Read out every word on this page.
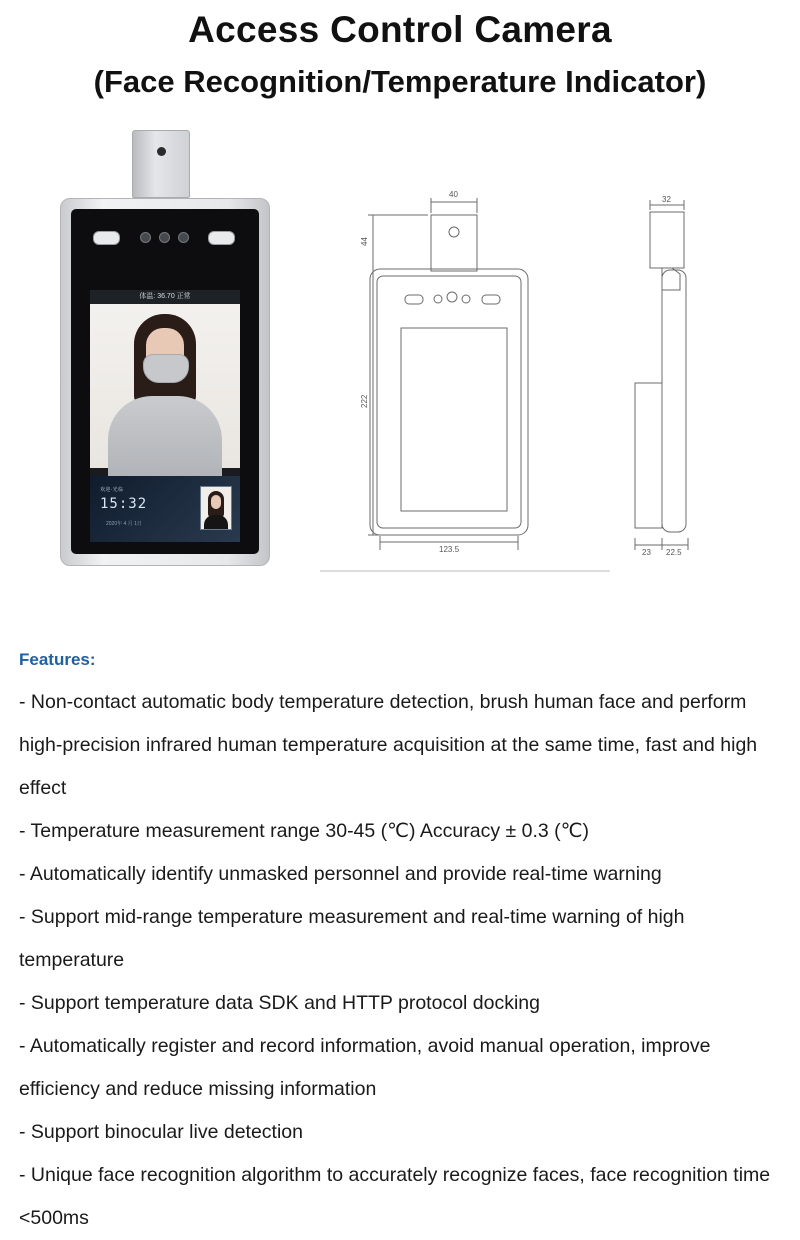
Access Control Camera
(Face Recognition/Temperature Indicator)
体温: 36.70 正常
欢迎·光临
15:32
2020年 4 月 1日
40
44
222
123.5
32
23 22.5
Features:
- Non-contact automatic body temperature detection, brush human face and perform high-precision infrared human temperature acquisition at the same time, fast and high effect
- Temperature measurement range 30-45 (℃) Accuracy ± 0.3 (℃)
- Automatically identify unmasked personnel and provide real-time warning
- Support mid-range temperature measurement and real-time warning of high temperature
- Support temperature data SDK and HTTP protocol docking
- Automatically register and record information, avoid manual operation, improve efficiency and reduce missing information
- Support binocular live detection
- Unique face recognition algorithm to accurately recognize faces, face recognition time <500ms
